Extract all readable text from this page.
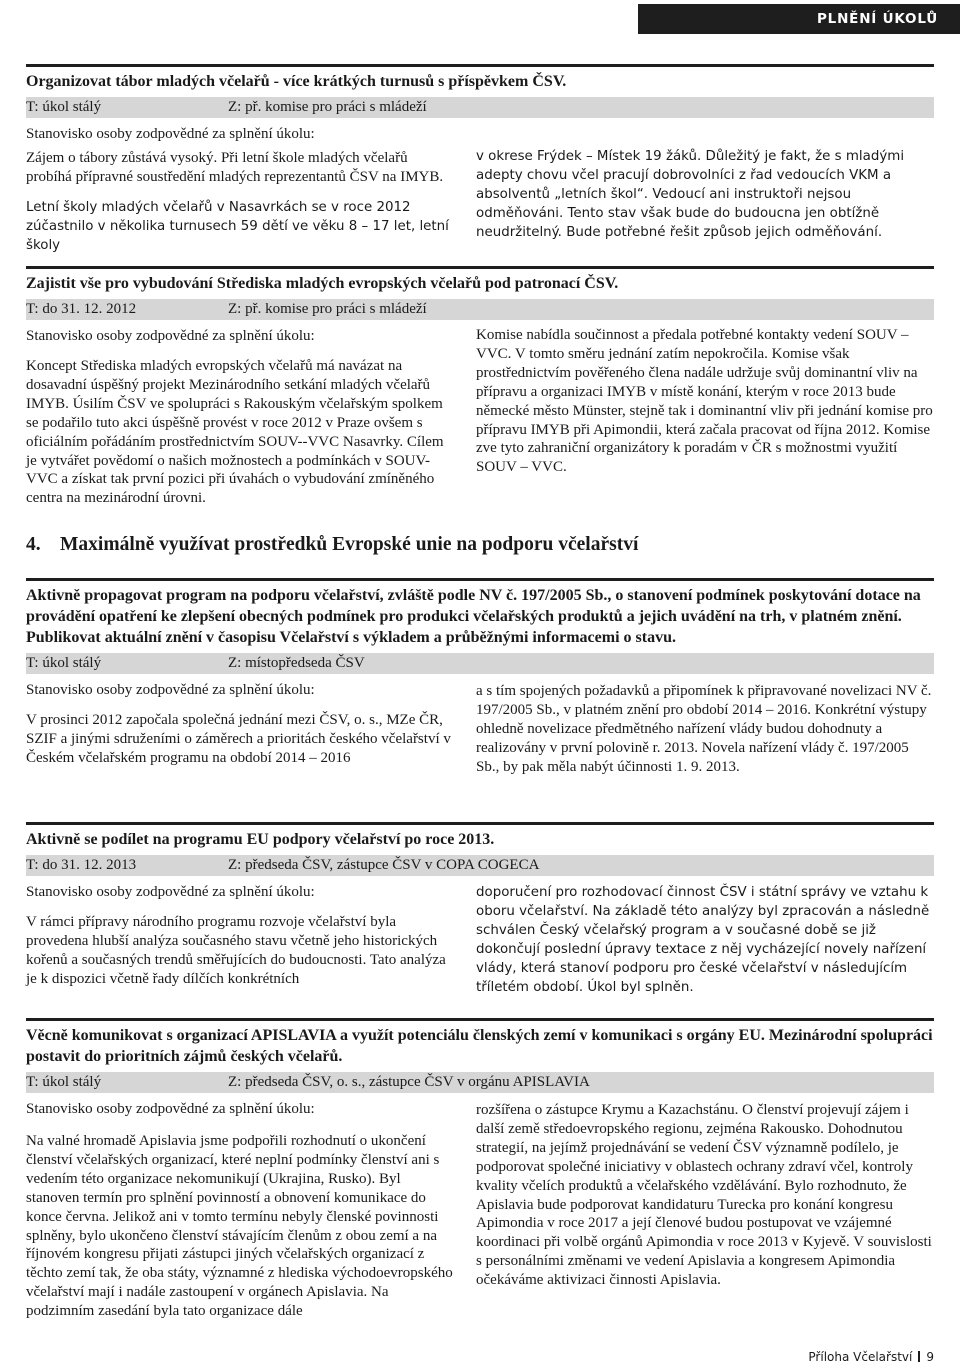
PLNĚNÍ ÚKOLŮ
Organizovat tábor mladých včelařů - více krátkých turnusů s příspěvkem ČSV.
T: úkol stálý	Z: př. komise pro práci s mládeží
Stanovisko osoby zodpovědné za splnění úkolu:

Zájem o tábory zůstává vysoký. Při letní škole mladých včelařů probíhá přípravné soustředění mladých reprezentantů ČSV na IMYB.

Letní školy mladých včelařů v Nasavrkách se v roce 2012 zúčastnilo v několika turnusech 59 dětí ve věku 8 – 17 let, letní školy

v okrese Frýdek – Místek 19 žáků. Důležitý je fakt, že s mladými adepty chovu včel pracují dobrovolníci z řad vedoucích VKM a absolventů „letních škol“. Vedoucí ani instruktoři nejsou odměňováni. Tento stav však bude do budoucna jen obtížně neudržitelný. Bude potřebné řešit způsob jejich odměňování.

Zajistit vše pro vybudování Střediska mladých evropských včelařů pod patronací ČSV.
T: do 31. 12. 2012	Z: př. komise pro práci s mládeží
Stanovisko osoby zodpovědné za splnění úkolu:

Koncept Střediska mladých evropských včelařů má navázat na dosavadní úspěšný projekt Mezinárodního setkání mladých včelařů IMYB. Úsilím ČSV ve spolupráci s Rakouským včelařským spolkem se podařilo tuto akci úspěšně provést v roce 2012 v Praze ovšem s oficiálním pořádáním prostřednictvím SOUV--VVC Nasavrky. Cílem je vytvářet povědomí o našich možnostech a podmínkách v SOUV-VVC a získat tak první pozici při úvahách o vybudování zmíněného centra na mezinárodní úrovni.

Komise nabídla součinnost a předala potřebné kontakty vedení SOUV – VVC. V tomto směru jednání zatím nepokročila. Komise však prostřednictvím pověřeného člena nadále udržuje svůj dominantní vliv na přípravu a organizaci IMYB v místě konání, kterým v roce 2013 bude německé město Münster, stejně tak i dominantní vliv při jednání komise pro přípravu IMYB při Apimondii, která začala pracovat od října 2012. Komise zve tyto zahraniční organizátory k poradám v ČR s možnostmi využití SOUV – VVC.

4. Maximálně využívat prostředků Evropské unie na podporu včelařství
Aktivně propagovat program na podporu včelařství, zvláště podle NV č. 197/2005 Sb., o stanovení podmínek poskytování dotace na provádění opatření ke zlepšení obecných podmínek pro produkci včelařských produktů a jejich uvádění na trh, v platném znění. Publikovat aktuální znění v časopisu Včelařství s výkladem a průběžnými informacemi o stavu.
T: úkol stálý	Z: místopředseda ČSV
Stanovisko osoby zodpovědné za splnění úkolu:

V prosinci 2012 započala společná jednání mezi ČSV, o. s., MZe ČR, SZIF a jinými sdruženími o záměrech a prioritách českého včelařství v Českém včelařském programu na období 2014 – 2016

a s tím spojených požadavků a připomínek k připravované novelizaci NV č. 197/2005 Sb., v platném znění pro období 2014 – 2016. Konkrétní výstupy ohledně novelizace předmětného nařízení vlády budou dohodnuty a realizovány v první polovině r. 2013. Novela nařízení vlády č. 197/2005 Sb., by pak měla nabýt účinnosti 1. 9. 2013.

Aktivně se podílet na programu EU podpory včelařství po roce 2013.
T: do 31. 12. 2013	Z: předseda ČSV, zástupce ČSV v COPA COGECA
Stanovisko osoby zodpovědné za splnění úkolu:

V rámci přípravy národního programu rozvoje včelařství byla provedena hlubší analýza současného stavu včetně jeho historických kořenů a současných trendů směřujících do budoucnosti. Tato analýza je k dispozici včetně řady dílčích konkrétních

doporučení pro rozhodovací činnost ČSV i státní správy ve vztahu k oboru včelařství. Na základě této analýzy byl zpracován a následně schválen Český včelařský program a v současné době se již dokončují poslední úpravy textace z něj vycházející novely nařízení vlády, která stanoví podporu pro české včelařství v následujícím tříletém období. Úkol byl splněn.

Věcně komunikovat s organizací APISLAVIA a využít potenciálu členských zemí v komunikaci s orgány EU. Mezinárodní spolupráci postavit do prioritních zájmů českých včelařů.
T: úkol stálý	Z: předseda ČSV, o. s., zástupce ČSV v orgánu APISLAVIA
Stanovisko osoby zodpovědné za splnění úkolu:

Na valné hromadě Apislavia jsme podpořili rozhodnutí o ukončení členství včelařských organizací, které neplní podmínky členství ani s vedením této organizace nekomunikují (Ukrajina, Rusko). Byl stanoven termín pro splnění povinností a obnovení komunikace do konce června. Jelikož ani v tomto termínu nebyly členské povinnosti splněny, bylo ukončeno členství stávajícím členům z obou zemí a na říjnovém kongresu přijati zástupci jiných včelařských organizací z těchto zemí tak, že oba státy, významné z hlediska východoevropského včelařství mají i nadále zastoupení v orgánech Apislavia. Na podzimním zasedání byla tato organizace dále

rozšířena o zástupce Krymu a Kazachstánu. O členství projevují zájem i další země středoevropského regionu, zejména Rakousko. Dohodnutou strategií, na jejímž projednávání se vedení ČSV významně podílelo, je podporovat společné iniciativy v oblastech ochrany zdraví včel, kontroly kvality včelích produktů a včelařského vzdělávání. Bylo rozhodnuto, že Apislavia bude podporovat kandidaturu Turecka pro konání kongresu Apimondia v roce 2017 a její členové budou postupovat ve vzájemné koordinaci při volbě orgánů Apimondia v roce 2013 v Kyjevě. V souvislosti s personálními změnami ve vedení Apislavia a kongresem Apimondia očekáváme aktivizaci činnosti Apislavia.

Příloha Včelařství 9
